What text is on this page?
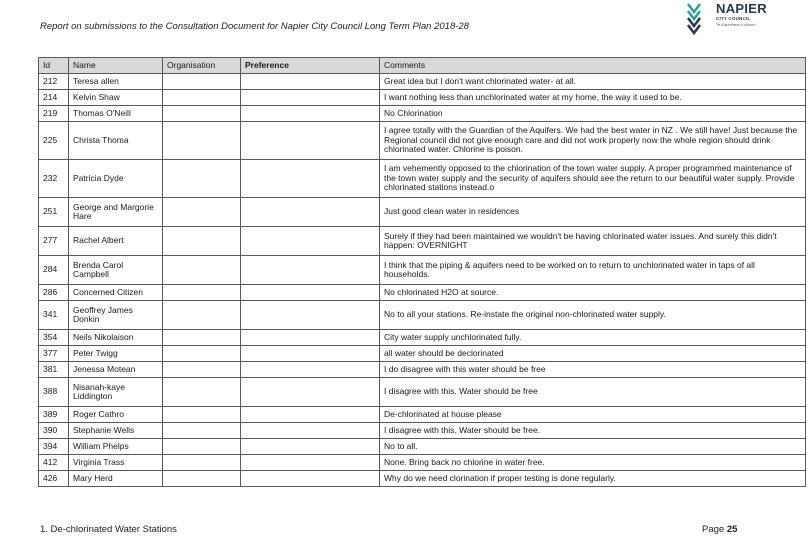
Report on submissions to the Consultation Document for Napier City Council Long Term Plan 2018-28
NAPIER
CITY COUNCIL
Te Kaunihera o Ahuriri
Id	Name	Organisation	Preference	Comments
212	Teresa allen			Great idea but I don't want chlorinated water- at all.
214	Kelvin Shaw			I want nothing less than unchlorinated water at my home, the way it used to be.
219	Thomas O'Neill			No Chlorination
225	Christa Thoma			I agree totally with the Guardian of the Aquifers. We had the best water in NZ . We still have! Just because the Regional council did not give enough care and did not work properly now the whole region should drink chlorinated water. Chlorine is poison.
232	Patricia Dyde			I am vehemently opposed to the chlorination of the town water supply. A proper programmed maintenance of the town water supply and the security of aquifers should see the return to our beautiful water supply. Provide chlorinated stations instead.o
251	George and Margorie Hare			Just good clean water in residences
277	Rachel Albert			Surely if they had been maintained we wouldn't be having chlorinated water issues. And surely this didn't happen: OVERNIGHT
284	Brenda Carol Campbell			I think that the piping & aquifers need to be worked on to return to unchlorinated water in taps of all households.
286	Concerned Citizen			No chlorinated H2O at source.
341	Geoffrey James Donkin			No to all your stations. Re-instate the original non-chlorinated water supply.
354	Neils Nikolaison			City water supply unchlorinated fully.
377	Peter Twigg			all water should be declorinated
381	Jenessa Motean			I do disagree with this water should be free
388	Nisanah-kaye Liddington			I disagree with this. Water should be free
389	Roger Cathro			De-chlorinated at house please
390	Stephanie Wells			I disagree with this. Water should be free.
394	William Phelps			No to all.
412	Virginia Trass			None. Bring back no chlorine in water free.
426	Mary Herd			Why do we need clorination if proper testing is done regularly.
1. De-chlorinated Water Stations	Page 25
